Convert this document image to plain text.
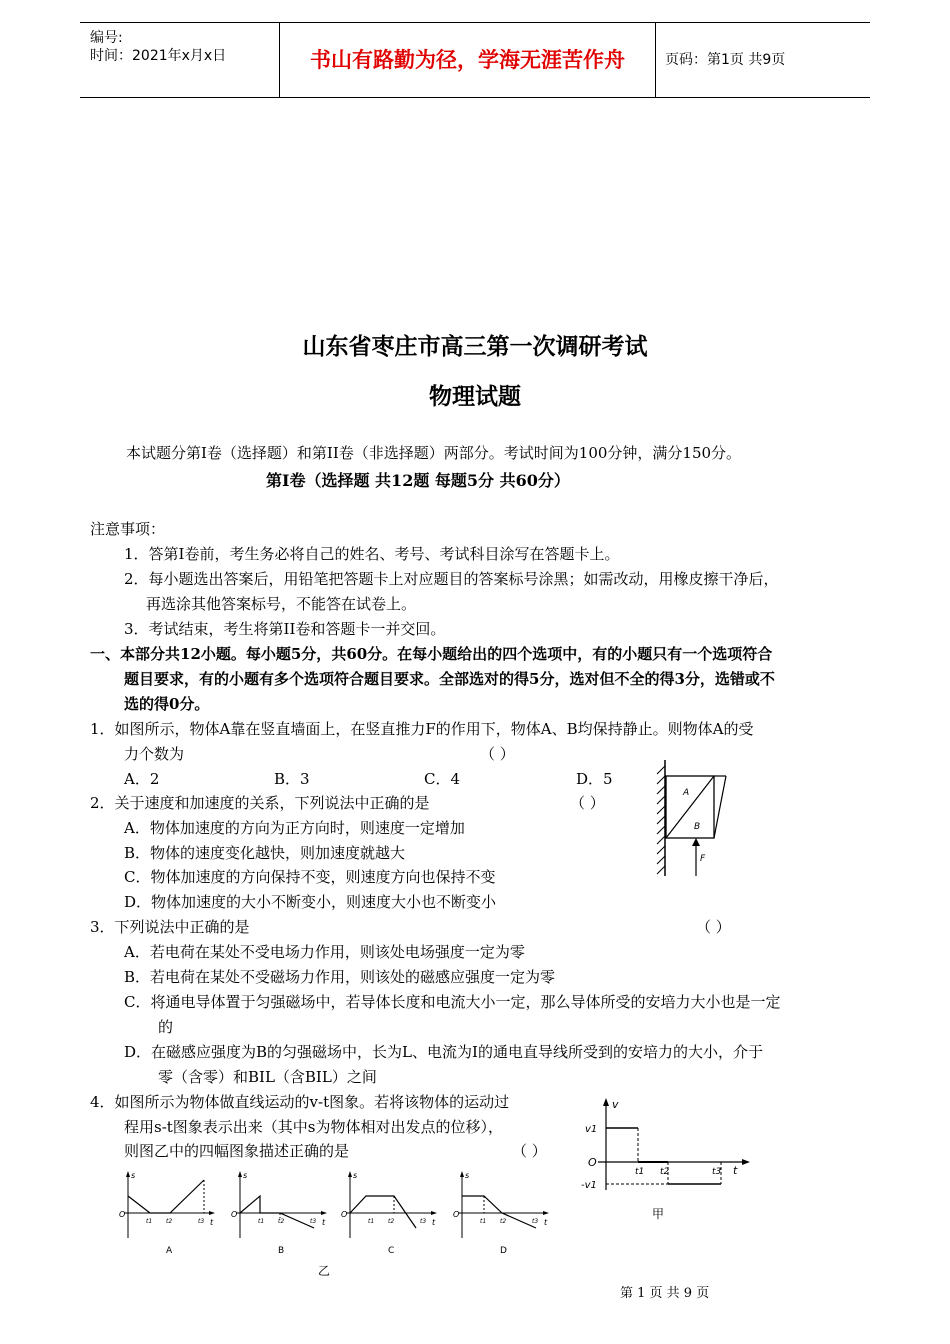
编号:
时间：2021年x月x日	书山有路勤为径，学海无涯苦作舟	页码：第1页 共9页
山东省枣庄市高三第一次调研考试
物理试题
本试题分第I卷（选择题）和第II卷（非选择题）两部分。考试时间为100分钟，满分150分。
第I卷（选择题 共12题 每题5分 共60分）
注意事项：
1．答第I卷前，考生务必将自己的姓名、考号、考试科目涂写在答题卡上。
2．每小题选出答案后，用铅笔把答题卡上对应题目的答案标号涂黑；如需改动，用橡皮擦干净后，
再选涂其他答案标号，不能答在试卷上。
3．考试结束，考生将第II卷和答题卡一并交回。
一、本部分共12小题。每小题5分，共60分。在每小题给出的四个选项中，有的小题只有一个选项符合
题目要求，有的小题有多个选项符合题目要求。全部选对的得5分，选对但不全的得3分，选错或不
选的得0分。
1．如图所示，物体A靠在竖直墙面上，在竖直推力F的作用下，物体A、B均保持静止。则物体A的受
力个数为	（ ）
A．2	B．3	C．4	D．5
A
B
F
2．关于速度和加速度的关系，下列说法中正确的是	（ ）
A．物体加速度的方向为正方向时，则速度一定增加
B．物体的速度变化越快，则加速度就越大
C．物体加速度的方向保持不变，则速度方向也保持不变
D．物体加速度的大小不断变小，则速度大小也不断变小
3．下列说法中正确的是	（ ）
A．若电荷在某处不受电场力作用，则该处电场强度一定为零
B．若电荷在某处不受磁场力作用，则该处的磁感应强度一定为零
C．将通电导体置于匀强磁场中，若导体长度和电流大小一定，那么导体所受的安培力大小也是一定
的
D．在磁感应强度为B的匀强磁场中，长为L、电流为I的通电直导线所受到的安培力的大小，介于
零（含零）和BIL（含BIL）之间
4．如图所示为物体做直线运动的v-t图象。若将该物体的运动过
程用s-t图象表示出来（其中s为物体相对出发点的位移），
则图乙中的四幅图象描述正确的是	（ ）
v
v1
O
-v1
t1 t2	t3 t
甲
s
O
t
t1 t2	t3
A
s
O
t
t1 t2	t3
B
s
O
t
t1 t2	t3
C
s
O
t
t1 t2	t3
D
乙
第 1 页 共 9 页
